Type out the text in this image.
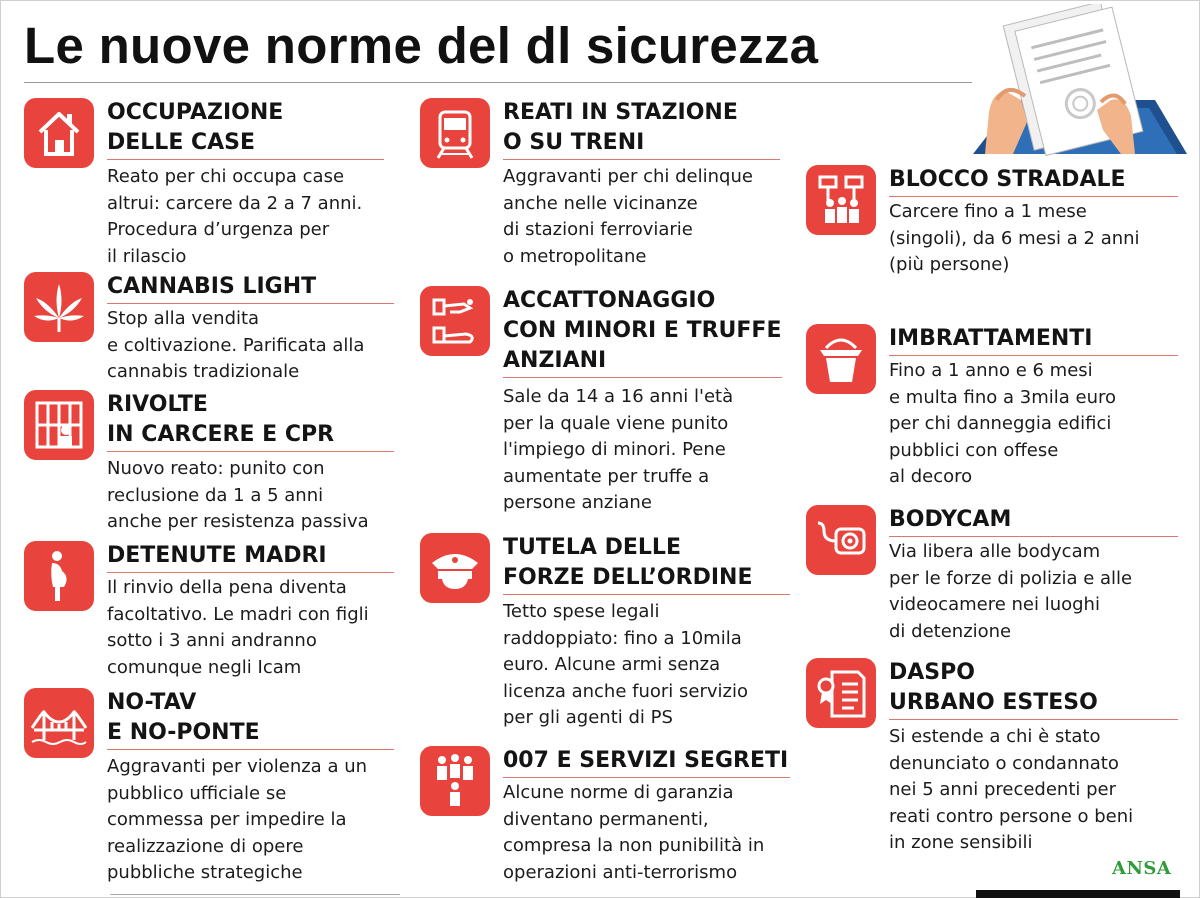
Le nuove norme del dl sicurezza
OCCUPAZIONE
DELLE CASE
Reato per chi occupa case
altrui: carcere da 2 a 7 anni.
Procedura d’urgenza per
il rilascio
CANNABIS LIGHT
Stop alla vendita
e coltivazione. Parificata alla
cannabis tradizionale
RIVOLTE
IN CARCERE E CPR
Nuovo reato: punito con
reclusione da 1 a 5 anni
anche per resistenza passiva
DETENUTE MADRI
Il rinvio della pena diventa
facoltativo. Le madri con figli
sotto i 3 anni andranno
comunque negli Icam
NO-TAV
E NO-PONTE
Aggravanti per violenza a un
pubblico ufficiale se
commessa per impedire la
realizzazione di opere
pubbliche strategiche
REATI IN STAZIONE
O SU TRENI
Aggravanti per chi delinque
anche nelle vicinanze
di stazioni ferroviarie
o metropolitane
ACCATTONAGGIO
CON MINORI E TRUFFE
ANZIANI
Sale da 14 a 16 anni l'età
per la quale viene punito
l'impiego di minori. Pene
aumentate per truffe a
persone anziane
TUTELA DELLE
FORZE DELL’ORDINE
Tetto spese legali
raddoppiato: fino a 10mila
euro. Alcune armi senza
licenza anche fuori servizio
per gli agenti di PS
007 E SERVIZI SEGRETI
Alcune norme di garanzia
diventano permanenti,
compresa la non punibilità in
operazioni anti-terrorismo
BLOCCO STRADALE
Carcere fino a 1 mese
(singoli), da 6 mesi a 2 anni
(più persone)
IMBRATTAMENTI
Fino a 1 anno e 6 mesi
e multa fino a 3mila euro
per chi danneggia edifici
pubblici con offese
al decoro
BODYCAM
Via libera alle bodycam
per le forze di polizia e alle
videocamere nei luoghi
di detenzione
DASPO
URBANO ESTESO
Si estende a chi è stato
denunciato o condannato
nei 5 anni precedenti per
reati contro persone o beni
in zone sensibili
ANSA
